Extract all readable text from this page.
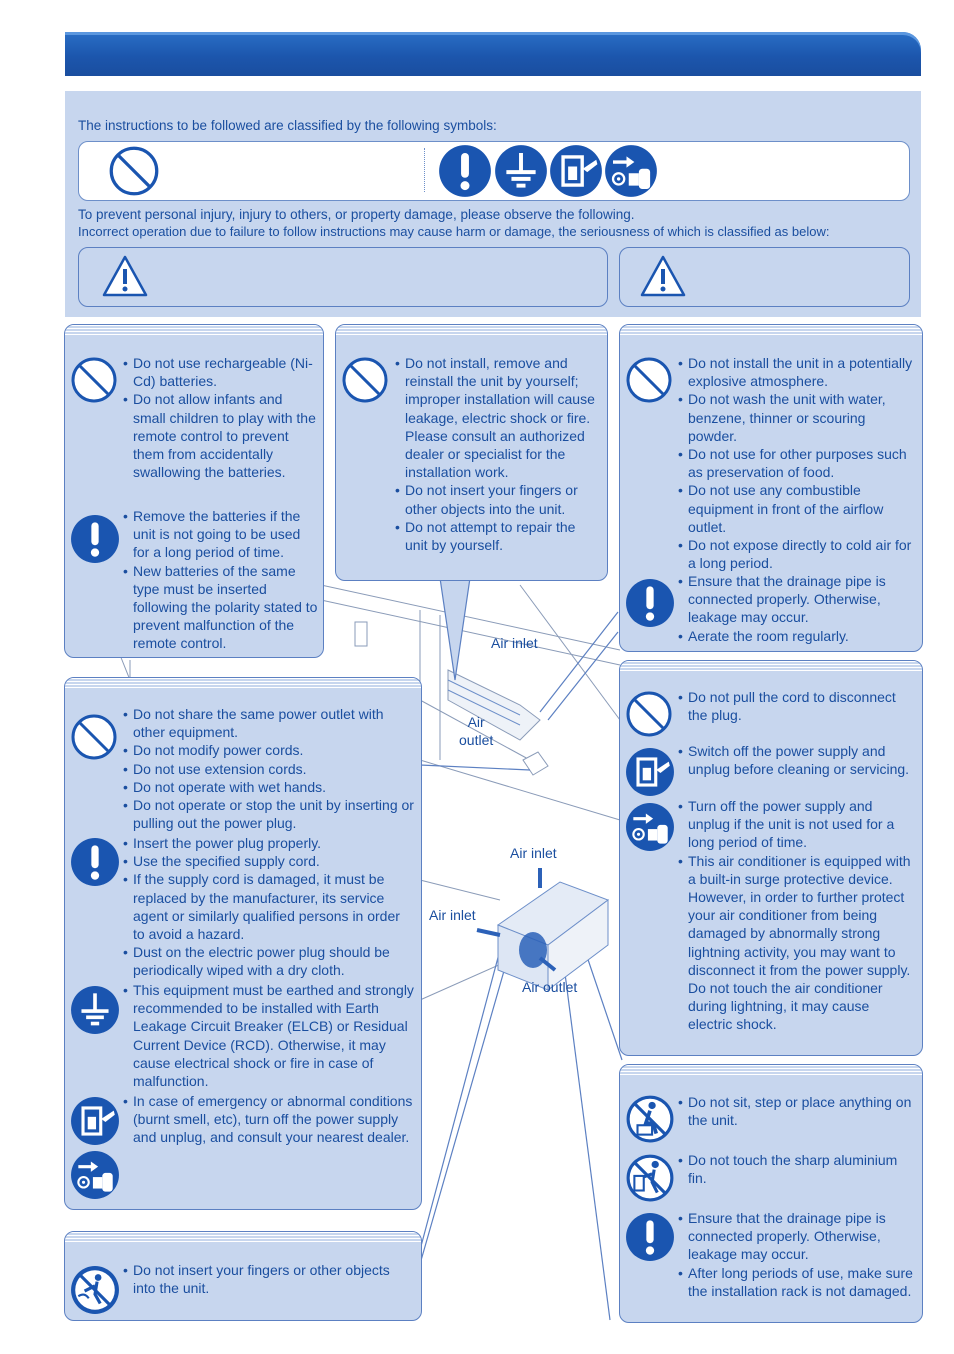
The instructions to be followed are classified by the following symbols:
To prevent personal injury, injury to others, or property damage, please observe the following.
Incorrect operation due to failure to follow instructions may cause harm or damage, the seriousness of which is classified as below:
• Do not use rechargeable (Ni-Cd) batteries.
• Do not allow infants and small children to play with the remote control to prevent them from accidentally swallowing the batteries.
• Remove the batteries if the unit is not going to be used for a long period of time.
• New batteries of the same type must be inserted following the polarity stated to prevent malfunction of the remote control.
• Do not install, remove and reinstall the unit by yourself; improper installation will cause leakage, electric shock or fire. Please consult an authorized dealer or specialist for the installation work.
• Do not insert your fingers or other objects into the unit.
• Do not attempt to repair the unit by yourself.
• Do not install the unit in a potentially explosive atmosphere.
• Do not wash the unit with water, benzene, thinner or scouring powder.
• Do not use for other purposes such as preservation of food.
• Do not use any combustible equipment in front of the airflow outlet.
• Do not expose directly to cold air for a long period.
• Ensure that the drainage pipe is connected properly. Otherwise, leakage may occur.
• Aerate the room regularly.
Air inlet
Air
outlet
• Do not share the same power outlet with other equipment.
• Do not modify power cords.
• Do not use extension cords.
• Do not operate with wet hands.
• Do not operate or stop the unit by inserting or pulling out the power plug.
• Insert the power plug properly.
• Use the specified supply cord.
• If the supply cord is damaged, it must be replaced by the manufacturer, its service agent or similarly qualified persons in order to avoid a hazard.
• Dust on the electric power plug should be periodically wiped with a dry cloth.
• This equipment must be earthed and strongly recommended to be installed with Earth Leakage Circuit Breaker (ELCB) or Residual Current Device (RCD). Otherwise, it may cause electrical shock or fire in case of malfunction.
• In case of emergency or abnormal conditions (burnt smell, etc), turn off the power supply and unplug, and consult your nearest dealer.
• Do not insert your fingers or other objects into the unit.
Air inlet
Air inlet
Air outlet
• Do not pull the cord to disconnect the plug.
• Switch off the power supply and unplug before cleaning or servicing.
• Turn off the power supply and unplug if the unit is not used for a long period of time.
• This air conditioner is equipped with a built-in surge protective device. However, in order to further protect your air conditioner from being damaged by abnormally strong lightning activity, you may want to disconnect it from the power supply. Do not touch the air conditioner during lightning, it may cause electric shock.
• Do not sit, step or place anything on the unit.
• Do not touch the sharp aluminium fin.
• Ensure that the drainage pipe is connected properly. Otherwise, leakage may occur.
• After long periods of use, make sure the installation rack is not damaged.
